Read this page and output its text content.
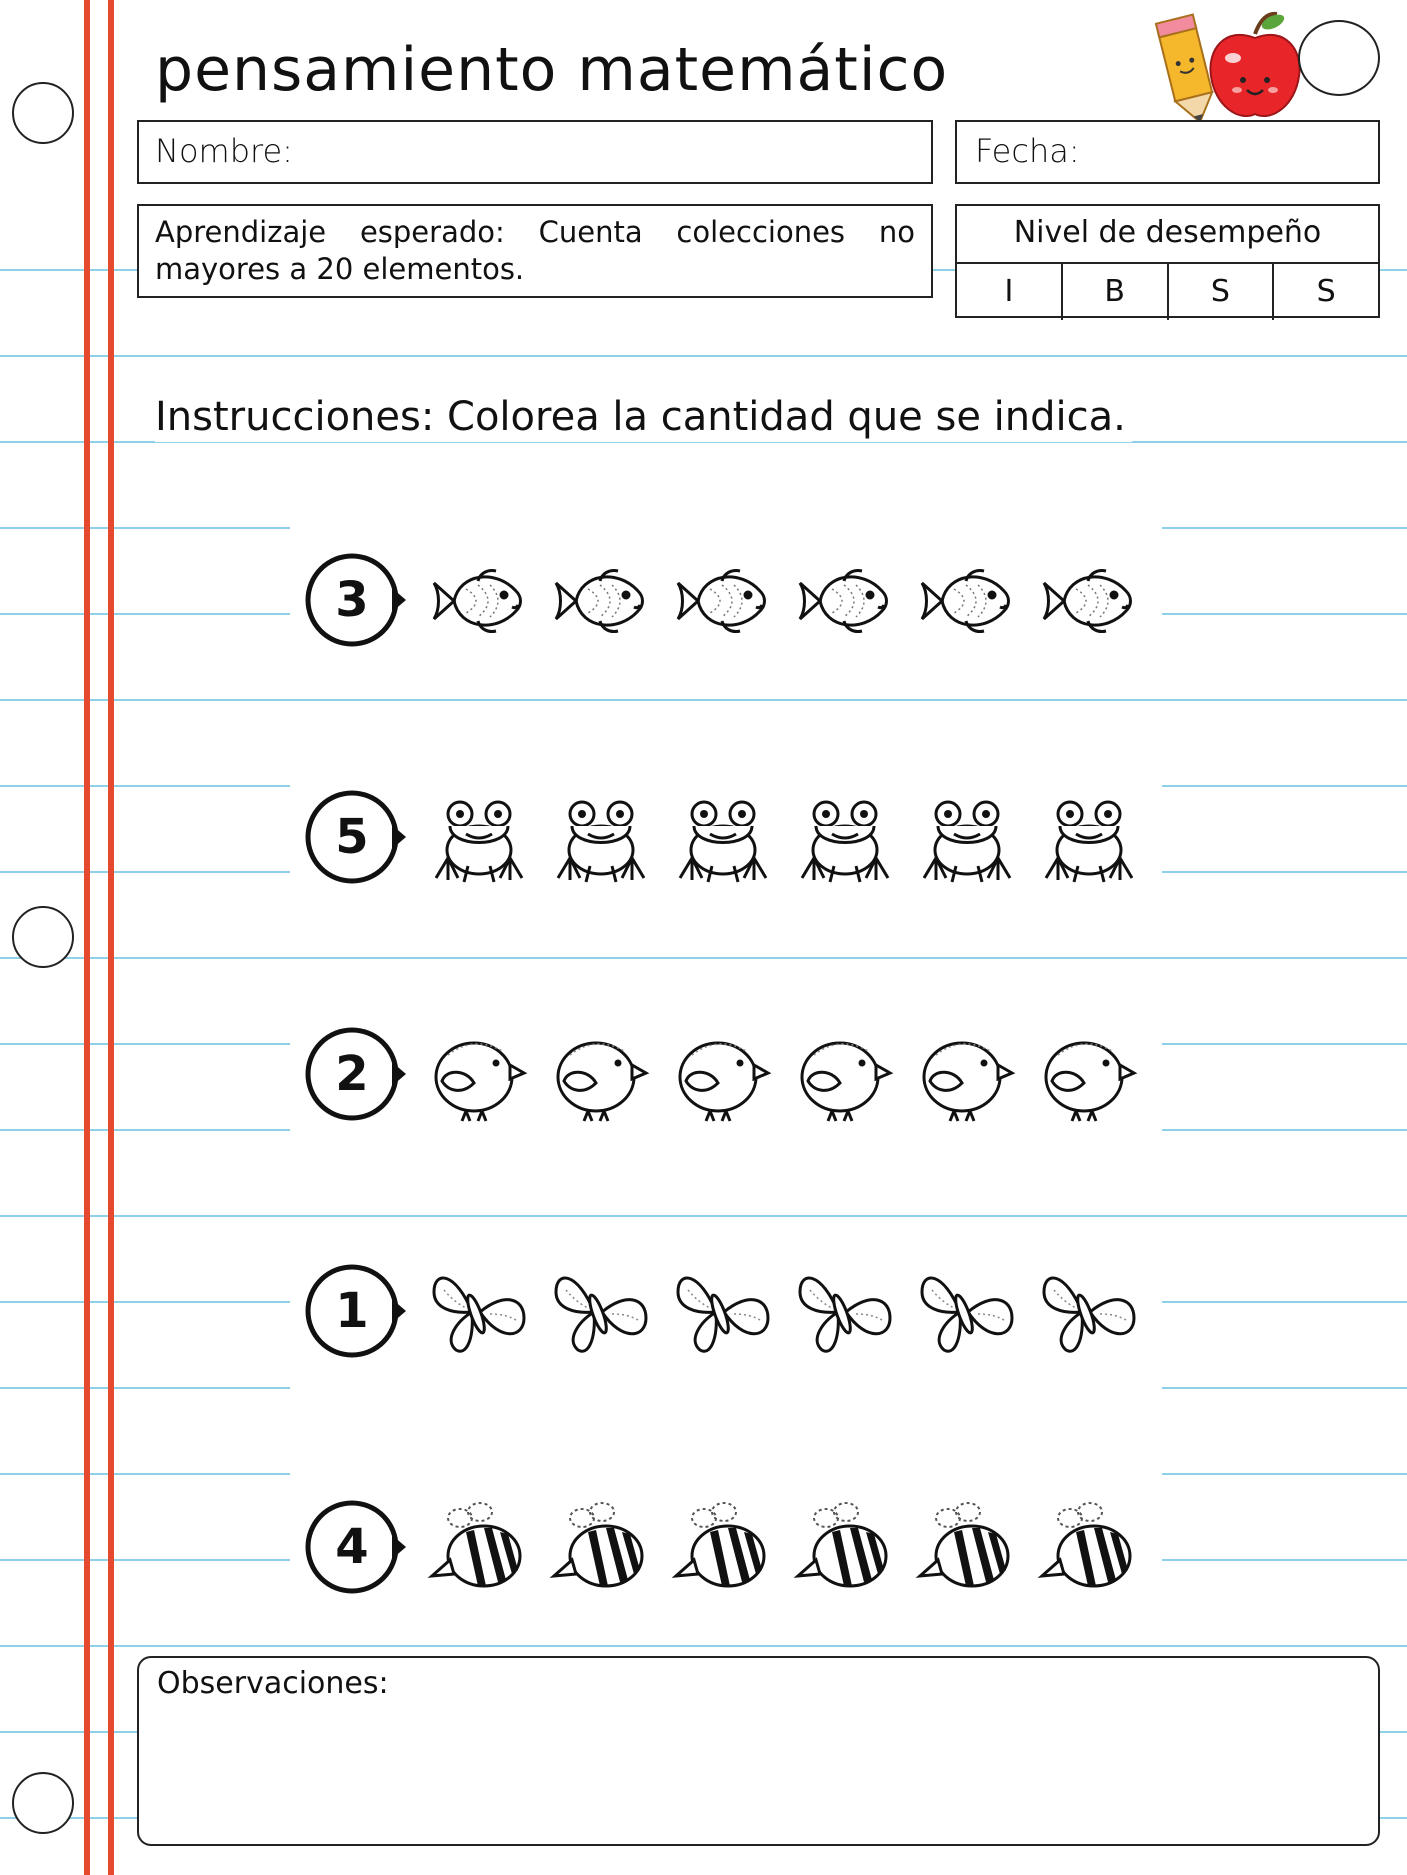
pensamiento matemático
Nombre:	Fecha:
Aprendizaje esperado: Cuenta colecciones no mayores a 20 elementos.
Nivel de desempeño
I	B	S	S
Instrucciones: Colorea la cantidad que se indica.
3
5
2
1
4
Observaciones:
